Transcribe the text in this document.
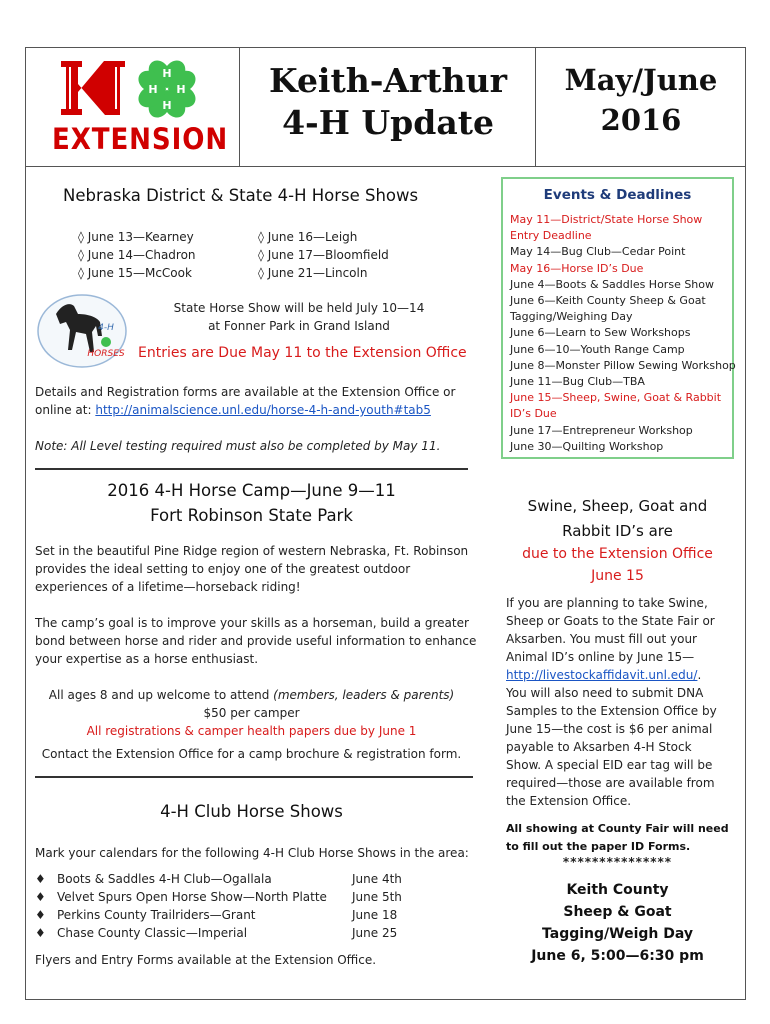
H
H
H
H
EXTENSION
Keith-Arthur
4-H Update
May/June
2016
Nebraska District & State 4-H Horse Shows
◊ June 13—Kearney
◊ June 14—Chadron
◊ June 15—McCook
◊ June 16—Leigh
◊ June 17—Bloomfield
◊ June 21—Lincoln
4-H
HORSES
State Horse Show will be held July 10—14
at Fonner Park in Grand Island
Entries are Due May 11 to the Extension Office
Details and Registration forms are available at the Extension Office or
online at: http://animalscience.unl.edu/horse-4-h-and-youth#tab5
Note: All Level testing required must also be completed by May 11.
2016 4-H Horse Camp—June 9—11
Fort Robinson State Park
Set in the beautiful Pine Ridge region of western Nebraska, Ft. Robinson
provides the ideal setting to enjoy one of the greatest outdoor
experiences of a lifetime—horseback riding!
The camp’s goal is to improve your skills as a horseman, build a greater
bond between horse and rider and provide useful information to enhance
your expertise as a horse enthusiast.
All ages 8 and up welcome to attend (members, leaders & parents)
$50 per camper
All registrations & camper health papers due by June 1
Contact the Extension Office for a camp brochure & registration form.
4-H Club Horse Shows
Mark your calendars for the following 4-H Club Horse Shows in the area:
♦ Boots & Saddles 4-H Club—Ogallala	June 4th
♦ Velvet Spurs Open Horse Show—North Platte June 5th
♦ Perkins County Trailriders—Grant	June 18
♦ Chase County Classic—Imperial	June 25
Flyers and Entry Forms available at the Extension Office.
Events & Deadlines
May 11—District/State Horse Show
Entry Deadline
May 14—Bug Club—Cedar Point
May 16—Horse ID’s Due
June 4—Boots & Saddles Horse Show
June 6—Keith County Sheep & Goat
Tagging/Weighing Day
June 6—Learn to Sew Workshops
June 6—10—Youth Range Camp
June 8—Monster Pillow Sewing Workshop
June 11—Bug Club—TBA
June 15—Sheep, Swine, Goat & Rabbit
ID’s Due
June 17—Entrepreneur Workshop
June 30—Quilting Workshop
Swine, Sheep, Goat and
Rabbit ID’s are
due to the Extension Office
June 15
If you are planning to take Swine,
Sheep or Goats to the State Fair or
Aksarben. You must fill out your
Animal ID’s online by June 15—
http://livestockaffidavit.unl.edu/.
You will also need to submit DNA
Samples to the Extension Office by
June 15—the cost is $6 per animal
payable to Aksarben 4-H Stock
Show. A special EID ear tag will be
required—those are available from
the Extension Office.
All showing at County Fair will need
to fill out the paper ID Forms.
***************
Keith County
Sheep & Goat
Tagging/Weigh Day
June 6, 5:00—6:30 pm
